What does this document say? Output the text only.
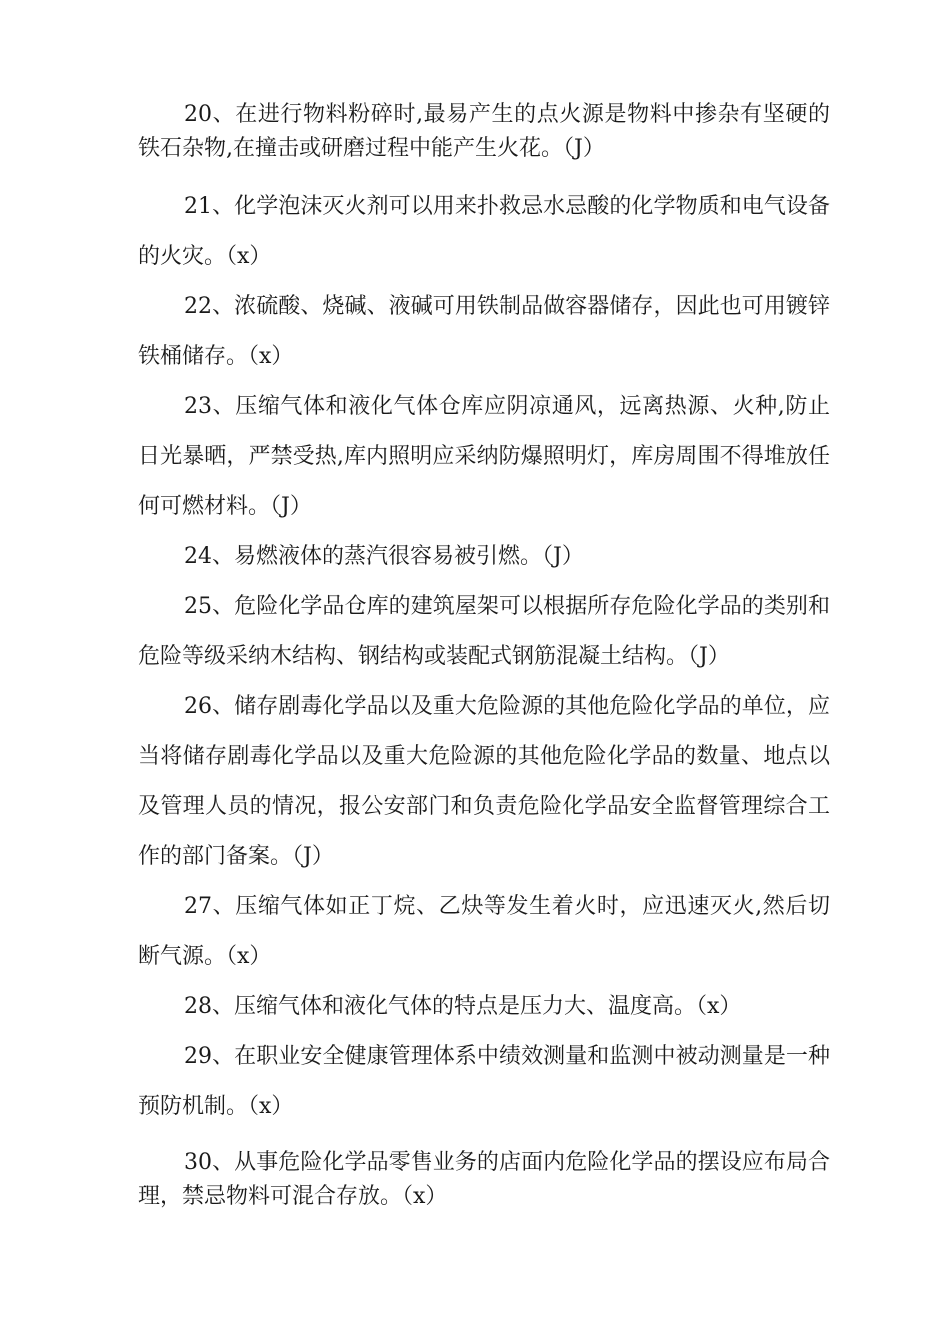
20、在进行物料粉碎时,最易产生的点火源是物料中掺杂有坚硬的铁石杂物,在撞击或研磨过程中能产生火花。（J）

21、化学泡沫灭火剂可以用来扑救忌水忌酸的化学物质和电气设备的火灾。（x）

22、浓硫酸、烧碱、液碱可用铁制品做容器储存，因此也可用镀锌铁桶储存。（x）

23、压缩气体和液化气体仓库应阴凉通风，远离热源、火种,防止日光暴晒，严禁受热,库内照明应采纳防爆照明灯，库房周围不得堆放任何可燃材料。（J）

24、易燃液体的蒸汽很容易被引燃。（J）

25、危险化学品仓库的建筑屋架可以根据所存危险化学品的类别和危险等级采纳木结构、钢结构或装配式钢筋混凝土结构。（J）

26、储存剧毒化学品以及重大危险源的其他危险化学品的单位，应当将储存剧毒化学品以及重大危险源的其他危险化学品的数量、地点以及管理人员的情况，报公安部门和负责危险化学品安全监督管理综合工作的部门备案。（J）

27、压缩气体如正丁烷、乙炔等发生着火时，应迅速灭火,然后切断气源。（x）

28、压缩气体和液化气体的特点是压力大、温度高。（x）

29、在职业安全健康管理体系中绩效测量和监测中被动测量是一种预防机制。（x）

30、从事危险化学品零售业务的店面内危险化学品的摆设应布局合理，禁忌物料可混合存放。（x）
